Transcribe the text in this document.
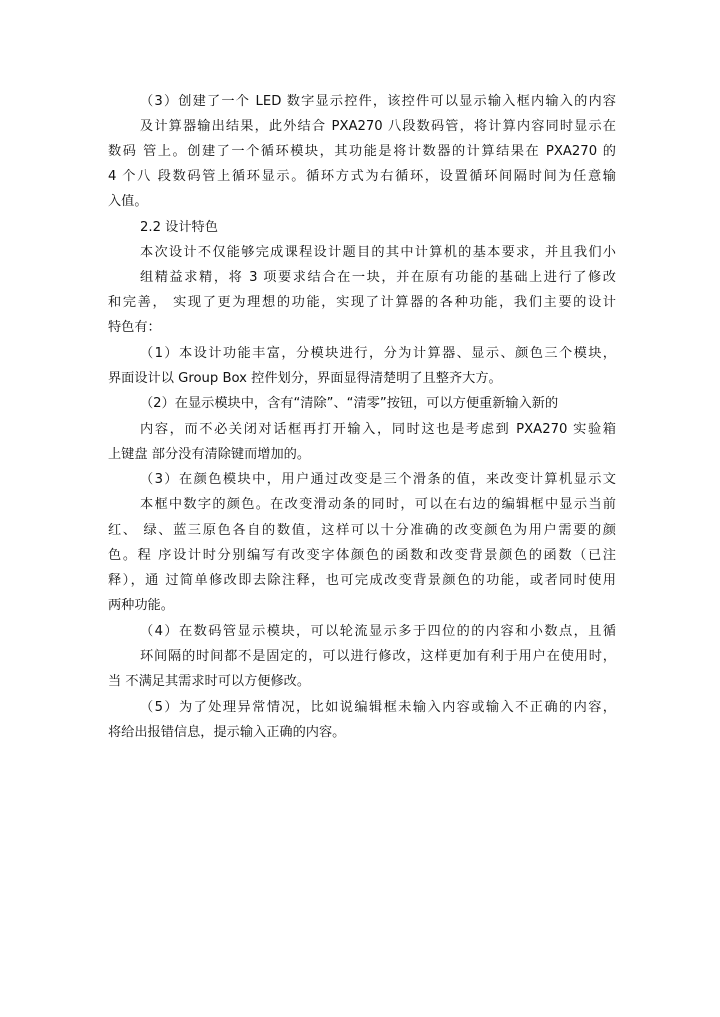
（3）创建了一个 LED 数字显示控件，该控件可以显示输入框内输入的内容
及计算器输出结果，此外结合 PXA270 八段数码管，将计算内容同时显示在
数码 管上。创建了一个循环模块，其功能是将计数器的计算结果在 PXA270 的
4 个八 段数码管上循环显示。循环方式为右循环，设置循环间隔时间为任意输
入值。
2.2 设计特色
本次设计不仅能够完成课程设计题目的其中计算机的基本要求，并且我们小
组精益求精，将 3 项要求结合在一块，并在原有功能的基础上进行了修改
和完善， 实现了更为理想的功能，实现了计算器的各种功能，我们主要的设计
特色有：
（1）本设计功能丰富，分模块进行，分为计算器、显示、颜色三个模块，
界面设计以 Group Box 控件划分，界面显得清楚明了且整齐大方。
（2）在显示模块中，含有“清除”、“清零”按钮，可以方便重新输入新的
内容，而不必关闭对话框再打开输入，同时这也是考虑到 PXA270 实验箱
上键盘 部分没有清除键而增加的。
（3）在颜色模块中，用户通过改变是三个滑条的值，来改变计算机显示文
本框中数字的颜色。在改变滑动条的同时，可以在右边的编辑框中显示当前
红、 绿、蓝三原色各自的数值，这样可以十分准确的改变颜色为用户需要的颜
色。程 序设计时分别编写有改变字体颜色的函数和改变背景颜色的函数（已注
释），通 过简单修改即去除注释，也可完成改变背景颜色的功能，或者同时使用
两种功能。
（4）在数码管显示模块，可以轮流显示多于四位的的内容和小数点，且循
环间隔的时间都不是固定的，可以进行修改，这样更加有利于用户在使用时，
当 不满足其需求时可以方便修改。
（5）为了处理异常情况，比如说编辑框未输入内容或输入不正确的内容，
将给出报错信息，提示输入正确的内容。
